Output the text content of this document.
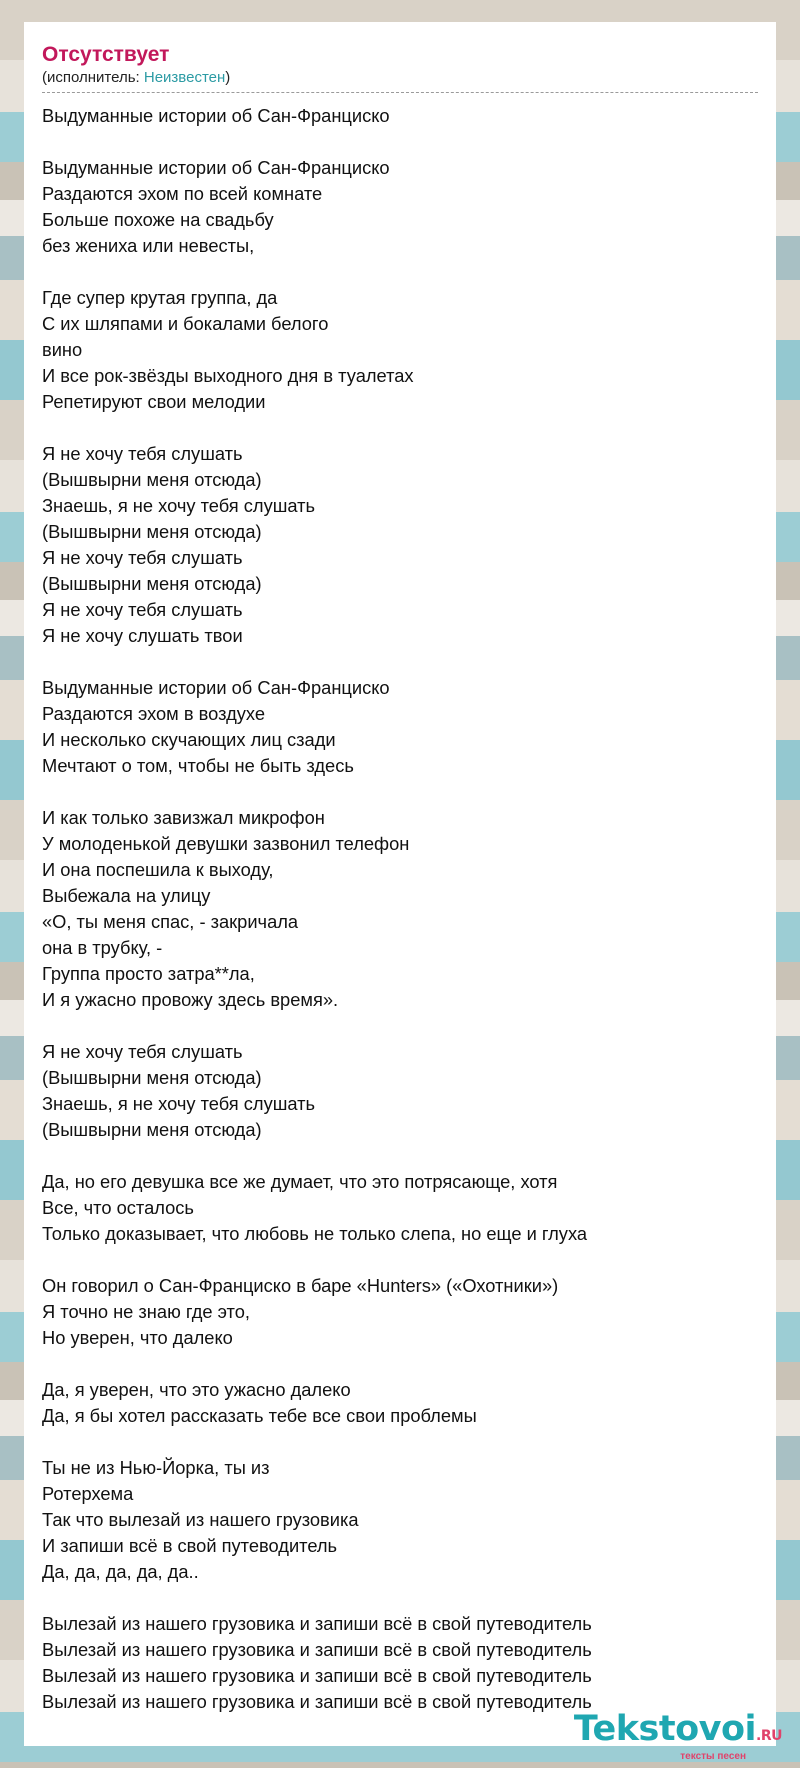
Отсутствует
(исполнитель: Неизвестен)
Выдуманные истории об Сан-Франциско

Выдуманные истории об Сан-Франциско
Раздаются эхом по всей комнате
Больше похоже на свадьбу
без жениха или невесты,

Где супер крутая группа, да
С их шляпами и бокалами белого
вино
И все рок-звёзды выходного дня в туалетах
Репетируют свои мелодии

Я не хочу тебя слушать
(Вышвырни меня отсюда)
Знаешь, я не хочу тебя слушать
(Вышвырни меня отсюда)
Я не хочу тебя слушать
(Вышвырни меня отсюда)
Я не хочу тебя слушать
Я не хочу слушать твои

Выдуманные истории об Сан-Франциско
Раздаются эхом в воздухе
И несколько скучающих лиц сзади
Мечтают о том, чтобы не быть здесь

И как только завизжал микрофон
У молоденькой девушки зазвонил телефон
И она поспешила к выходу,
Выбежала на улицу
«О, ты меня спас, - закричала
она в трубку, -
Группа просто затра**ла,
И я ужасно провожу здесь время».

Я не хочу тебя слушать
(Вышвырни меня отсюда)
Знаешь, я не хочу тебя слушать
(Вышвырни меня отсюда)

Да, но его девушка все же думает, что это потрясающе, хотя
Все, что осталось
Только доказывает, что любовь не только слепа, но еще и глуха

Он говорил о Сан-Франциско в баре «Hunters» («Охотники»)
Я точно не знаю где это,
Но уверен, что далеко

Да, я уверен, что это ужасно далеко
Да, я бы хотел рассказать тебе все свои проблемы

Ты не из Нью-Йорка, ты из
Ротерхема
Так что вылезай из нашего грузовика
И запиши всё в свой путеводитель
Да, да, да, да, да..

Вылезай из нашего грузовика и запиши всё в свой путеводитель
Вылезай из нашего грузовика и запиши всё в свой путеводитель
Вылезай из нашего грузовика и запиши всё в свой путеводитель
Вылезай из нашего грузовика и запиши всё в свой путеводитель
Tekstovoi.RU
тексты песен
